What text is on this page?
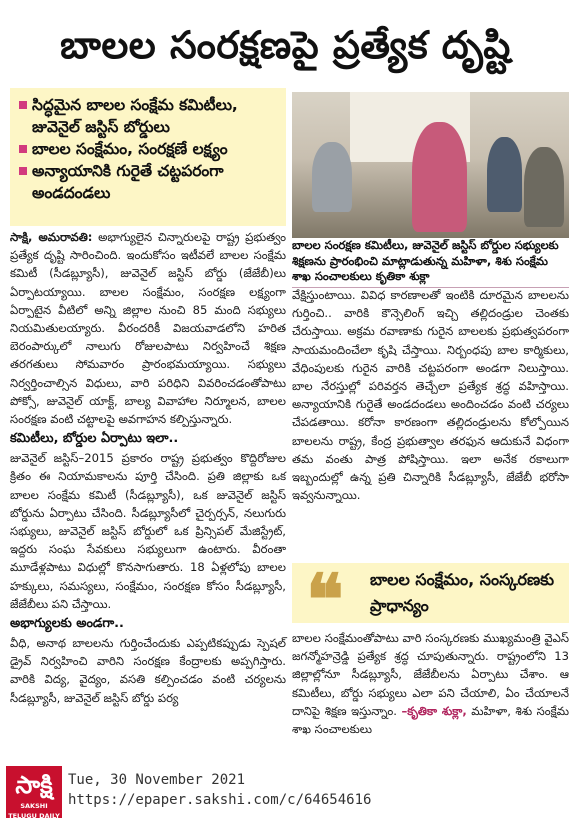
బాలల సంరక్షణపై ప్రత్యేక దృష్టి
సిద్ధమైన బాలల సంక్షేమ కమిటీలు, జువెనైల్ జస్టిస్ బోర్డులు
బాలల సంక్షేమం, సంరక్షణే లక్ష్యం
అన్యాయానికి గురైతే చట్టపరంగా అండదండలు
బాలల సంరక్షణ కమిటీలు, జువెనైల్ జస్టిస్ బోర్డుల సభ్యులకు శిక్షణను ప్రారంభించి మాట్లాడుతున్న మహిళా, శిశు సంక్షేమ శాఖ సంచాలకులు కృతికా శుక్లా

సాక్షి, అమరావతి: అభాగ్యులైన చిన్నారులపై రాష్ట్ర ప్రభుత్వం ప్రత్యేక దృష్టి సారించింది. ఇందుకోసం ఇటీవలే బాలల సంక్షేమ కమిటీ (సీడబ్ల్యూసీ), జువెనైల్ జస్టిస్ బోర్డు (జేజేబీ)లు ఏర్పాటయ్యాయి. బాలల సంక్షేమం, సంరక్షణ లక్ష్యంగా ఏర్పాటైన వీటిలో అన్ని జిల్లాల నుంచి 85 మంది సభ్యులు నియమితులయ్యారు. వీరందరికీ విజయవాడలోని హరిత బెరంపార్కులో నాలుగు రోజులపాటు నిర్వహించే శిక్షణ తరగతులు సోమవారం ప్రారంభమయ్యాయి. సభ్యులు నిర్వర్తించాల్సిన విధులు, వారి పరిధిని వివరించడంతోపాటు పోక్సో, జువెనైల్ యాక్ట్, బాల్య వివాహాల నిర్మూలన, బాలల సంరక్షణ వంటి చట్టాలపై అవగాహన కల్పిస్తున్నారు.

కమిటీలు, బోర్డుల ఏర్పాటు ఇలా..

జువెనైల్ జస్టిస్–2015 ప్రకారం రాష్ట్ర ప్రభుత్వం కొద్దిరోజుల క్రితం ఈ నియామకాలను పూర్తి చేసింది. ప్రతి జిల్లాకు ఒక బాలల సంక్షేమ కమిటీ (సీడబ్ల్యూసీ), ఒక జువెనైల్ జస్టిస్ బోర్డును ఏర్పాటు చేసింది. సీడబ్ల్యూసీలో చైర్పర్సన్, నలుగురు సభ్యులు, జువెనైల్ జస్టిస్ బోర్డులో ఒక ప్రిన్సిపల్ మేజిస్ట్రేట్, ఇద్దరు సంఘ సేవకులు సభ్యులుగా ఉంటారు. వీరంతా మూడేళ్లపాటు విధుల్లో కొనసాగుతారు. 18 ఏళ్లలోపు బాలల హక్కులు, సమస్యలు, సంక్షేమం, సంరక్షణ కోసం సీడబ్ల్యూసీ, జేజేబీలు పని చేస్తాయి.

అభాగ్యులకు అండగా..

వీధి, అనాథ బాలలను గుర్తించేందుకు ఎప్పటికప్పుడు స్పెషల్ డ్రైవ్ నిర్వహించి వారిని సంరక్షణ కేంద్రాలకు అప్పగిస్తారు. వారికి విద్య, వైద్యం, వసతి కల్పించడం వంటి చర్యలను సీడబ్ల్యూసీ, జువెనైల్ జస్టిస్ బోర్డు పర్య

వేక్షిస్తుంటాయి. వివిధ కారణాలతో ఇంటికి దూరమైన బాలలను గుర్తించి.. వారికి కౌన్సెలింగ్ ఇచ్చి తల్లిదండ్రుల చెంతకు చేరుస్తాయి. అక్రమ రవాణాకు గురైన బాలలకు ప్రభుత్వపరంగా సాయమందించేలా కృషి చేస్తాయి. నిర్బంధపు బాల కార్మికులు, వేధింపులకు గురైన వారికి చట్టపరంగా అండగా నిలుస్తాయి. బాల నేరస్తుల్లో పరివర్తన తెచ్చేలా ప్రత్యేక శ్రద్ధ వహిస్తాయి. అన్యాయానికి గురైతే అండదండలు అందించడం వంటి చర్యలు చేపడతాయి. కరోనా కారణంగా తల్లిదండ్రులను కోల్పోయిన బాలలను రాష్ట్ర, కేంద్ర ప్రభుత్వాల తరఫున ఆదుకునే విధంగా తమ వంతు పాత్ర పోషిస్తాయి. ఇలా అనేక రకాలుగా ఇబ్బందుల్లో ఉన్న ప్రతి చిన్నారికి సీడబ్ల్యూసీ, జేజేబీ భరోసా ఇవ్వనున్నాయి.

❝ బాలల సంక్షేమం, సంస్కరణకు ప్రాధాన్యం

బాలల సంక్షేమంతోపాటు వారి సంస్కరణకు ముఖ్యమంత్రి వైఎస్ జగన్మోహన్రెడ్డి ప్రత్యేక శ్రద్ధ చూపుతున్నారు. రాష్ట్రంలోని 13 జిల్లాల్లోనూ సీడబ్ల్యూసీ, జేజేబీలను ఏర్పాటు చేశాం. ఆ కమిటీలు, బోర్డు సభ్యులు ఎలా పని చేయాలి, ఏం చేయాలనే దానిపై శిక్షణ ఇస్తున్నాం. –కృతికా శుక్లా, మహిళా, శిశు సంక్షేమ శాఖ సంచాలకులు

సాక్షి
SAKSHI TELUGU DAILY
Tue, 30 November 2021
https://epaper.sakshi.com/c/64654616
